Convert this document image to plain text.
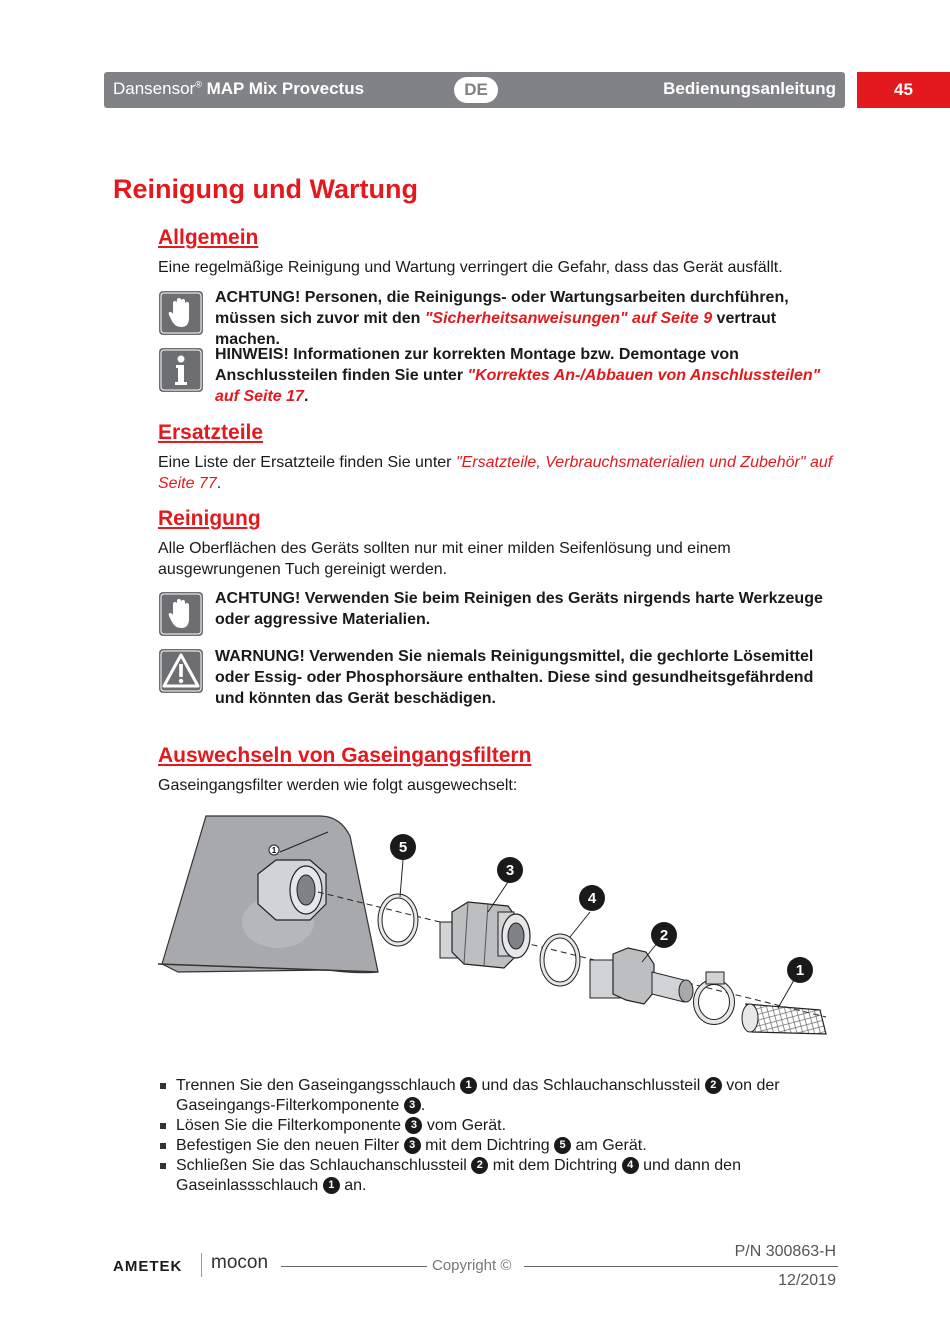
Dansensor® MAP Mix Provectus	DE	Bedienungsanleitung	45
Reinigung und Wartung
Allgemein
Eine regelmäßige Reinigung und Wartung verringert die Gefahr, dass das Gerät ausfällt.
ACHTUNG! Personen, die Reinigungs- oder Wartungsarbeiten durchführen, müssen sich zuvor mit den "Sicherheitsanweisungen" auf Seite 9 vertraut machen.
HINWEIS! Informationen zur korrekten Montage bzw. Demontage von Anschlussteilen finden Sie unter "Korrektes An-/Abbauen von Anschlussteilen" auf Seite 17.
Ersatzteile
Eine Liste der Ersatzteile finden Sie unter "Ersatzteile, Verbrauchsmaterialien und Zubehör" auf Seite 77.
Reinigung
Alle Oberflächen des Geräts sollten nur mit einer milden Seifenlösung und einem ausgewrungenen Tuch gereinigt werden.
ACHTUNG! Verwenden Sie beim Reinigen des Geräts nirgends harte Werkzeuge oder aggressive Materialien.
WARNUNG! Verwenden Sie niemals Reinigungsmittel, die gechlorte Lösemittel oder Essig- oder Phosphorsäure enthalten. Diese sind gesundheitsgefährdend und könnten das Gerät beschädigen.
Auswechseln von Gaseingangsfiltern
Gaseingangsfilter werden wie folgt ausgewechselt:
1	5
3
4
2
1
Trennen Sie den Gaseingangsschlauch 1 und das Schlauchanschlussteil 2 von der Gaseingangs-Filterkomponente 3 .
Lösen Sie die Filterkomponente 3 vom Gerät.
Befestigen Sie den neuen Filter 3 mit dem Dichtring 5 am Gerät.
Schließen Sie das Schlauchanschlussteil 2 mit dem Dichtring 4 und dann den Gaseinlassschlauch 1 an.
AMETEK mocon	Copyright ©
P/N 300863-H
12/2019
